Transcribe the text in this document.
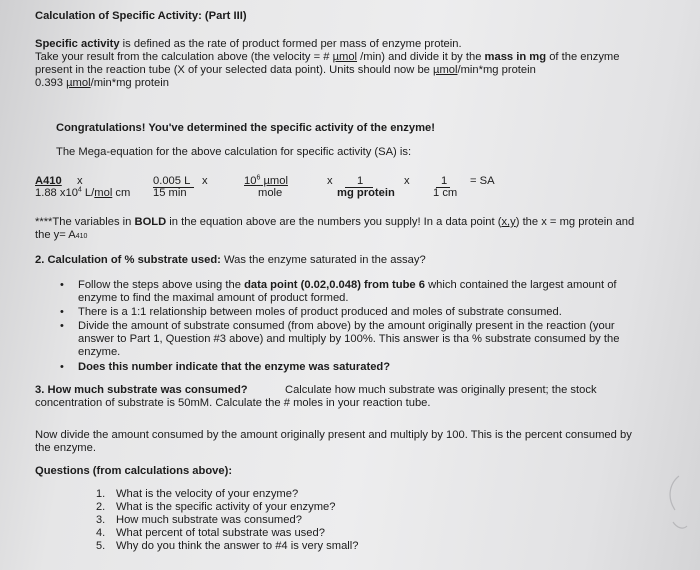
Calculation of Specific Activity: (Part III)
Specific activity is defined as the rate of product formed per mass of enzyme protein.
Take your result from the calculation above (the velocity = # µmol /min) and divide it by the mass in mg of the enzyme
present in the reaction tube (X of your selected data point). Units should now be µmol/min*mg protein
0.393 µmol/min*mg protein
Congratulations! You've determined the specific activity of the enzyme!
The Mega-equation for the above calculation for specific activity (SA) is:
A410 x
1.88 $x10^4$ L/mol cm
0.005 L x
15 min
$10^6$ µmol
mole
x 1
mg protein
x	1
1 cm
= SA
****The variables in BOLD in the equation above are the numbers you supply! In a data point (x,y) the x = mg protein and
the y= A410
2. Calculation of % substrate used: Was the enzyme saturated in the assay?
• Follow the steps above using the data point (0.02,0.048) from tube 6 which contained the largest amount of
enzyme to find the maximal amount of product formed.
• There is a 1:1 relationship between moles of product produced and moles of substrate consumed.
• Divide the amount of substrate consumed (from above) by the amount originally present in the reaction (your
answer to Part 1, Question #3 above) and multiply by 100%. This answer is tha % substrate consumed by the
enzyme.
• Does this number indicate that the enzyme was saturated?
3. How much substrate was consumed?	Calculate how much substrate was originally present; the stock
concentration of substrate is 50mM. Calculate the # moles in your reaction tube.
Now divide the amount consumed by the amount originally present and multiply by 100. This is the percent consumed by
the enzyme.
Questions (from calculations above):
1. What is the velocity of your enzyme?
2. What is the specific activity of your enzyme?
3. How much substrate was consumed?
4. What percent of total substrate was used?
5. Why do you think the answer to #4 is very small?
